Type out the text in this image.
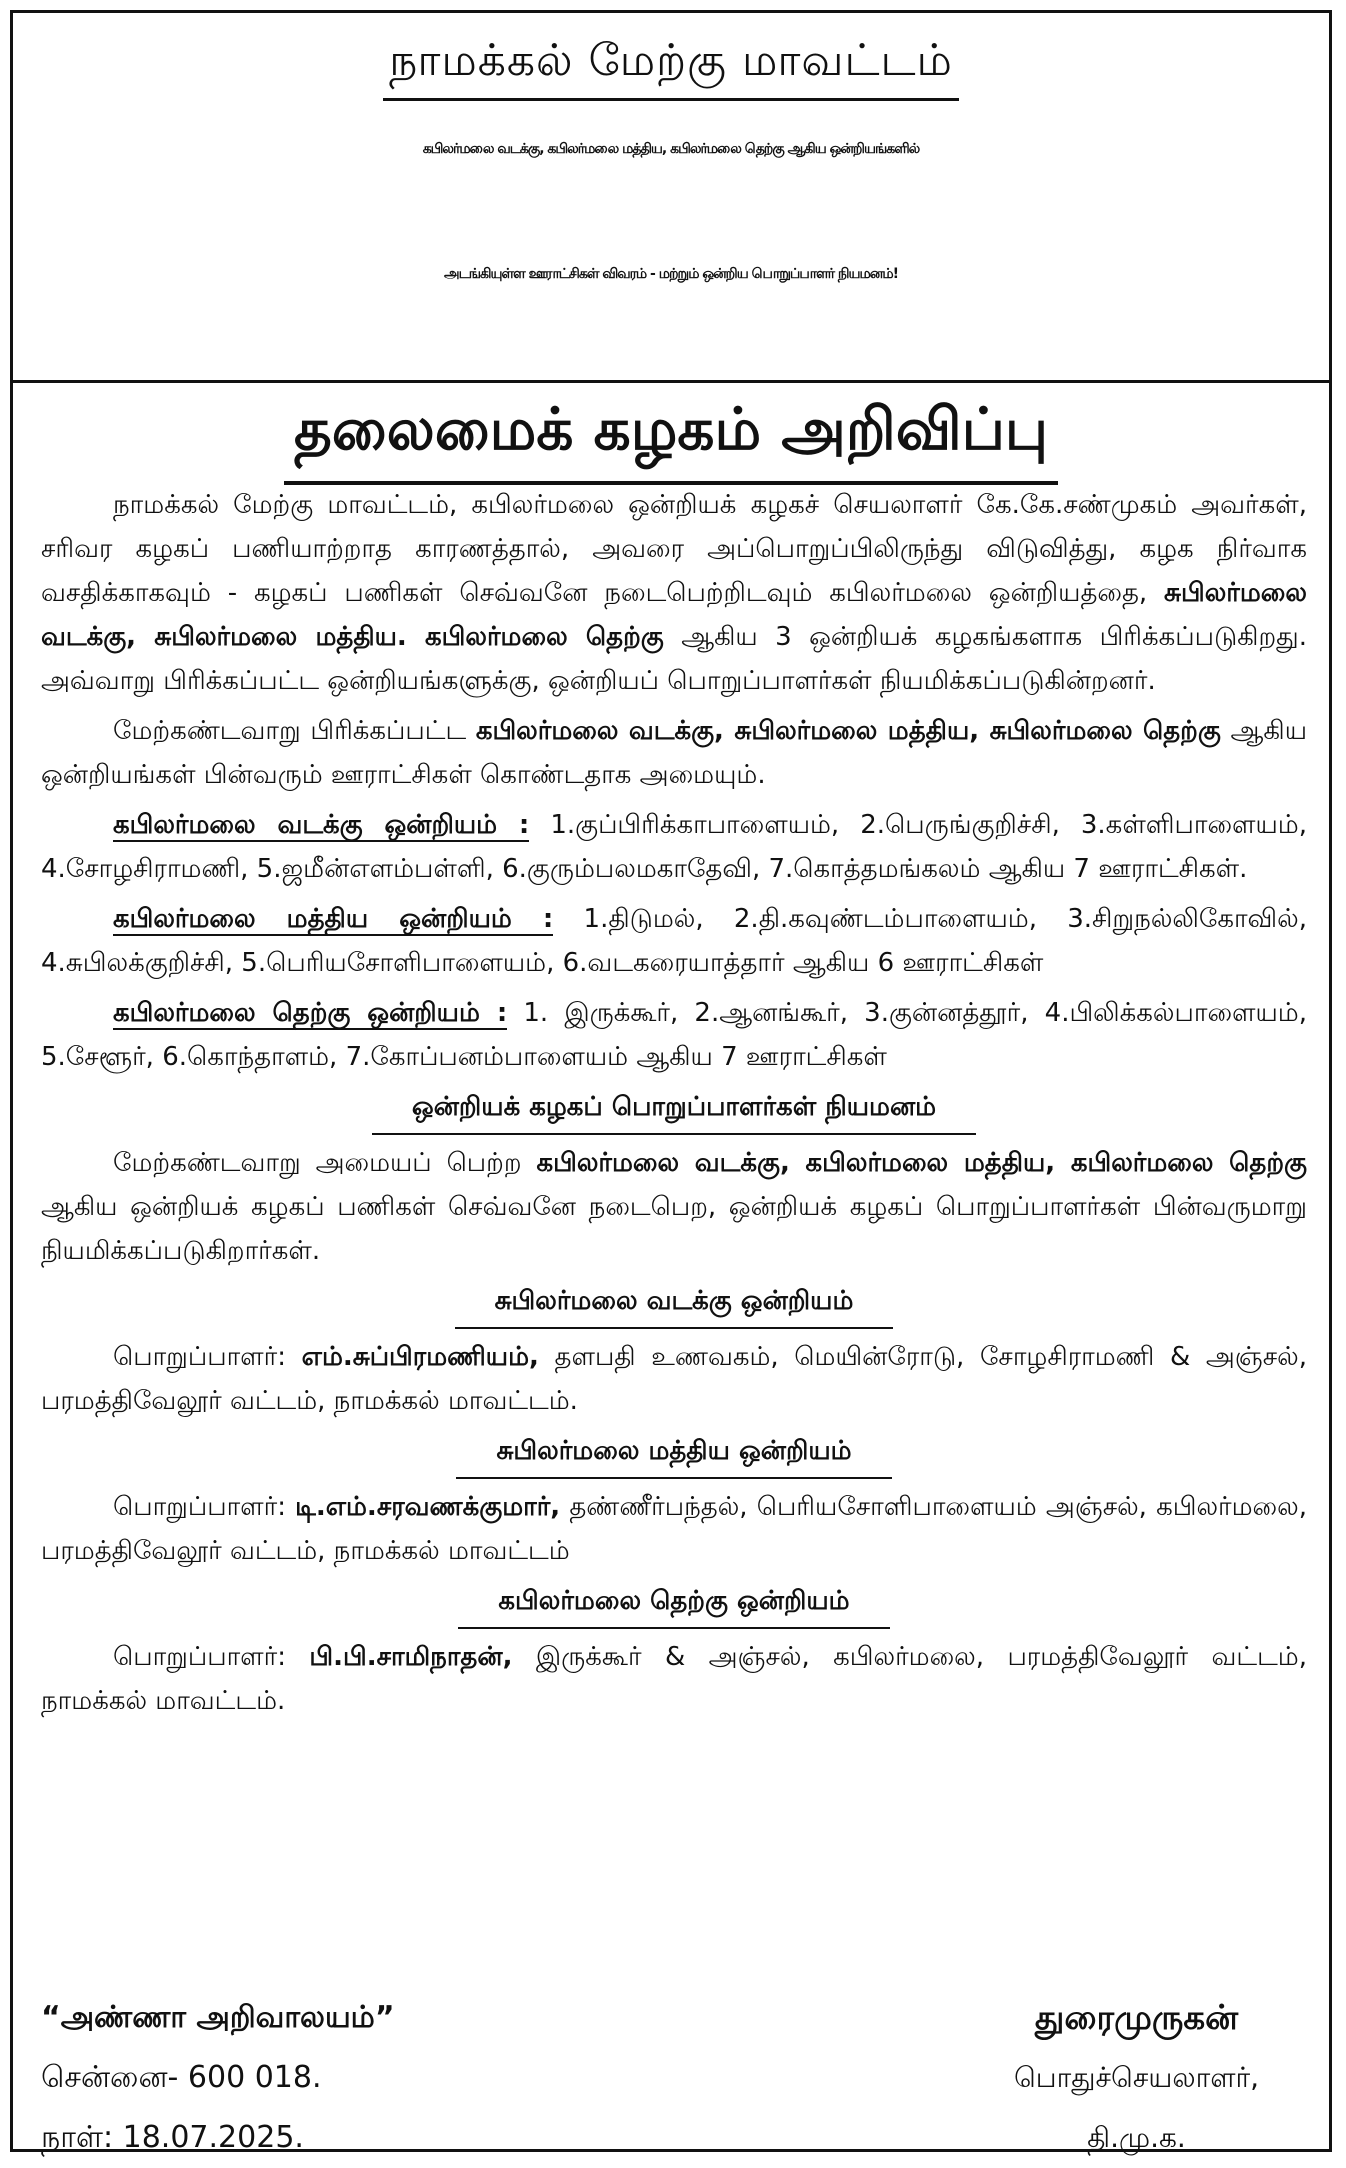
நாமக்கல் மேற்கு மாவட்டம்
கபிலர்மலை வடக்கு, கபிலர்மலை மத்திய, கபிலர்மலை தெற்கு ஆகிய ஒன்றியங்களில்
அடங்கியுள்ள ஊராட்சிகள் விவரம் - மற்றும் ஒன்றிய பொறுப்பாளர் நியமனம்!
தலைமைக் கழகம் அறிவிப்பு

நாமக்கல் மேற்கு மாவட்டம், கபிலர்மலை ஒன்றியக் கழகச் செயலாளர் கே.கே.சண்முகம் அவர்கள், சரிவர கழகப் பணியாற்றாத காரணத்தால், அவரை அப்பொறுப்பிலிருந்து விடுவித்து, கழக நிர்வாக வசதிக்காகவும் - கழகப் பணிகள் செவ்வனே நடைபெற்றிடவும் கபிலர்மலை ஒன்றியத்தை, சுபிலர்மலை வடக்கு, சுபிலர்மலை மத்திய. கபிலர்மலை தெற்கு ஆகிய 3 ஒன்றியக் கழகங்களாக பிரிக்கப்படுகிறது. அவ்வாறு பிரிக்கப்பட்ட ஒன்றியங்களுக்கு, ஒன்றியப் பொறுப்பாளர்கள் நியமிக்கப்படுகின்றனர்.

மேற்கண்டவாறு பிரிக்கப்பட்ட கபிலர்மலை வடக்கு, சுபிலர்மலை மத்திய, சுபிலர்மலை தெற்கு ஆகிய ஒன்றியங்கள் பின்வரும் ஊராட்சிகள் கொண்டதாக அமையும்.

கபிலர்மலை வடக்கு ஒன்றியம் : 1.குப்பிரிக்காபாளையம், 2.பெருங்குறிச்சி, 3.கள்ளிபாளையம், 4.சோழசிராமணி, 5.ஜமீன்எளம்பள்ளி, 6.குரும்பலமகாதேவி, 7.கொத்தமங்கலம் ஆகிய 7 ஊராட்சிகள்.

கபிலர்மலை மத்திய ஒன்றியம் : 1.திடுமல், 2.தி.கவுண்டம்பாளையம், 3.சிறுநல்லிகோவில், 4.சுபிலக்குறிச்சி, 5.பெரியசோளிபாளையம், 6.வடகரையாத்தார் ஆகிய 6 ஊராட்சிகள்

கபிலர்மலை தெற்கு ஒன்றியம் : 1. இருக்கூர், 2.ஆனங்கூர், 3.குன்னத்தூர், 4.பிலிக்கல்பாளையம், 5.சேளூர், 6.கொந்தாளம், 7.கோப்பனம்பாளையம் ஆகிய 7 ஊராட்சிகள்

ஒன்றியக் கழகப் பொறுப்பாளர்கள் நியமனம்

மேற்கண்டவாறு அமையப் பெற்ற கபிலர்மலை வடக்கு, கபிலர்மலை மத்திய, கபிலர்மலை தெற்கு ஆகிய ஒன்றியக் கழகப் பணிகள் செவ்வனே நடைபெற, ஒன்றியக் கழகப் பொறுப்பாளர்கள் பின்வருமாறு நியமிக்கப்படுகிறார்கள்.

சுபிலர்மலை வடக்கு ஒன்றியம்

பொறுப்பாளர்: எம்.சுப்பிரமணியம், தளபதி உணவகம், மெயின்ரோடு, சோழசிராமணி & அஞ்சல், பரமத்திவேலூர் வட்டம், நாமக்கல் மாவட்டம்.

சுபிலர்மலை மத்திய ஒன்றியம்

பொறுப்பாளர்: டி.எம்.சரவணக்குமார், தண்ணீர்பந்தல், பெரியசோளிபாளையம் அஞ்சல், கபிலர்மலை, பரமத்திவேலூர் வட்டம், நாமக்கல் மாவட்டம்

கபிலர்மலை தெற்கு ஒன்றியம்

பொறுப்பாளர்: பி.பி.சாமிநாதன், இருக்கூர் & அஞ்சல், கபிலர்மலை, பரமத்திவேலூர் வட்டம், நாமக்கல் மாவட்டம்.

“அண்ணா அறிவாலயம்”
சென்னை- 600 018.
நாள்: 18.07.2025.
துரைமுருகன்
பொதுச்செயலாளர்,
தி.மு.க.
